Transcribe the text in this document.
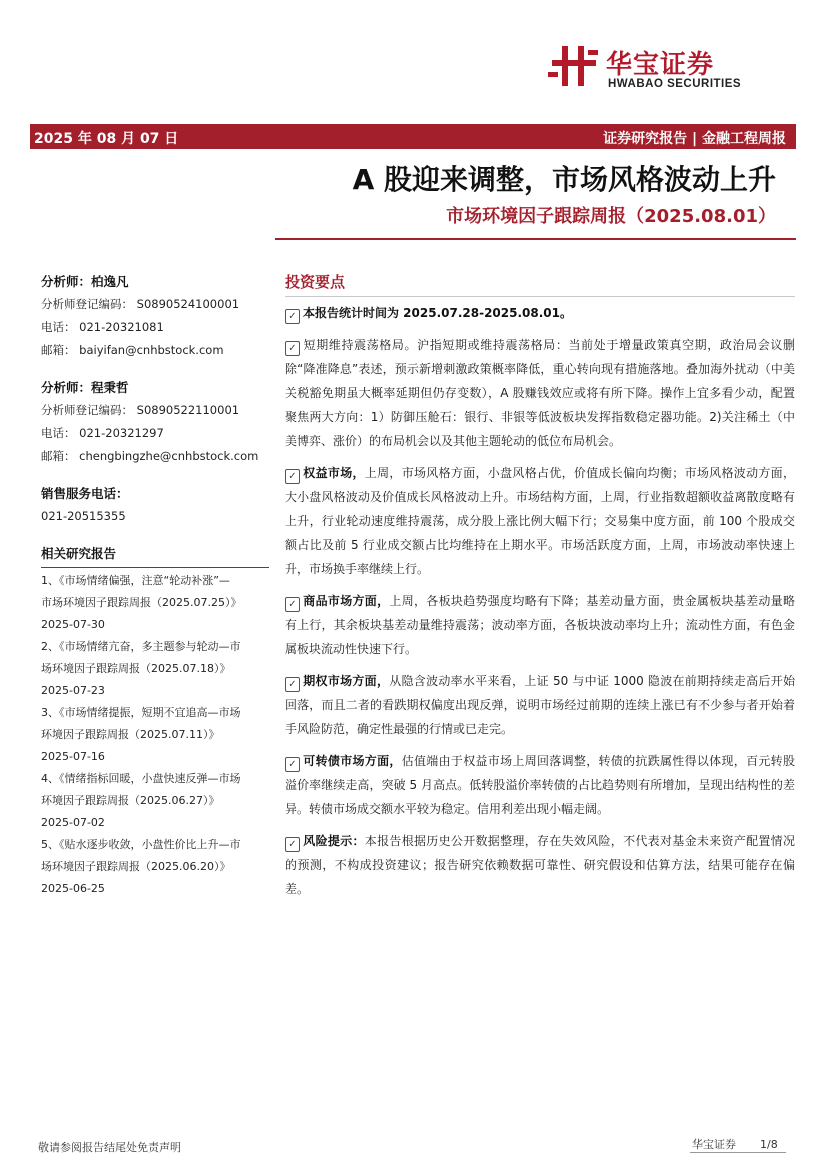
华宝证券
HWABAO SECURITIES
2025 年 08 月 07 日	证券研究报告 | 金融工程周报
A 股迎来调整，市场风格波动上升
市场环境因子跟踪周报（2025.08.01）
分析师：柏逸凡
分析师登记编码： S0890524100001
电话： 021-20321081
邮箱： baiyifan@cnhbstock.com
分析师：程秉哲
分析师登记编码： S0890522110001
电话： 021-20321297
邮箱： chengbingzhe@cnhbstock.com
销售服务电话：
021-20515355
相关研究报告
1、《市场情绪偏强，注意“轮动补涨”—
市场环境因子跟踪周报（2025.07.25）》
2025-07-30
2、《市场情绪亢奋，多主题参与轮动—市
场环境因子跟踪周报（2025.07.18）》
2025-07-23
3、《市场情绪提振，短期不宜追高—市场
环境因子跟踪周报（2025.07.11）》
2025-07-16
4、《情绪指标回暖，小盘快速反弹—市场
环境因子跟踪周报（2025.06.27）》
2025-07-02
5、《贴水逐步收敛，小盘性价比上升—市
场环境因子跟踪周报（2025.06.20）》
2025-06-25
投资要点

✓ 本报告统计时间为 2025.07.28-2025.08.01。

✓ 短期维持震荡格局。沪指短期或维持震荡格局：当前处于增量政策真空期，政治局会议删除“降准降息”表述，预示新增刺激政策概率降低，重心转向现有措施落地。叠加海外扰动（中美关税豁免期虽大概率延期但仍存变数），A 股赚钱效应或将有所下降。操作上宜多看少动，配置聚焦两大方向：1）防御压舱石：银行、非银等低波板块发挥指数稳定器功能。2)关注稀土（中美博弈、涨价）的布局机会以及其他主题轮动的低位布局机会。

✓ 权益市场，上周，市场风格方面，小盘风格占优，价值成长偏向均衡；市场风格波动方面，大小盘风格波动及价值成长风格波动上升。市场结构方面，上周，行业指数超额收益离散度略有上升，行业轮动速度维持震荡，成分股上涨比例大幅下行；交易集中度方面，前 100 个股成交额占比及前 5 行业成交额占比均维持在上期水平。市场活跃度方面，上周，市场波动率快速上升，市场换手率继续上行。

✓ 商品市场方面，上周，各板块趋势强度均略有下降；基差动量方面，贵金属板块基差动量略有上行，其余板块基差动量维持震荡；波动率方面，各板块波动率均上升；流动性方面，有色金属板块流动性快速下行。

✓ 期权市场方面，从隐含波动率水平来看，上证 50 与中证 1000 隐波在前期持续走高后开始回落，而且二者的看跌期权偏度出现反弹，说明市场经过前期的连续上涨已有不少参与者开始着手风险防范，确定性最强的行情或已走完。

✓ 可转债市场方面，估值端由于权益市场上周回落调整，转债的抗跌属性得以体现，百元转股溢价率继续走高，突破 5 月高点。低转股溢价率转债的占比趋势则有所增加，呈现出结构性的差异。转债市场成交额水平较为稳定。信用利差出现小幅走阔。

✓ 风险提示：本报告根据历史公开数据整理，存在失效风险，不代表对基金未来资产配置情况的预测，不构成投资建议；报告研究依赖数据可靠性、研究假设和估算方法，结果可能存在偏差。

敬请参阅报告结尾处免责声明	华宝证券 1/8
